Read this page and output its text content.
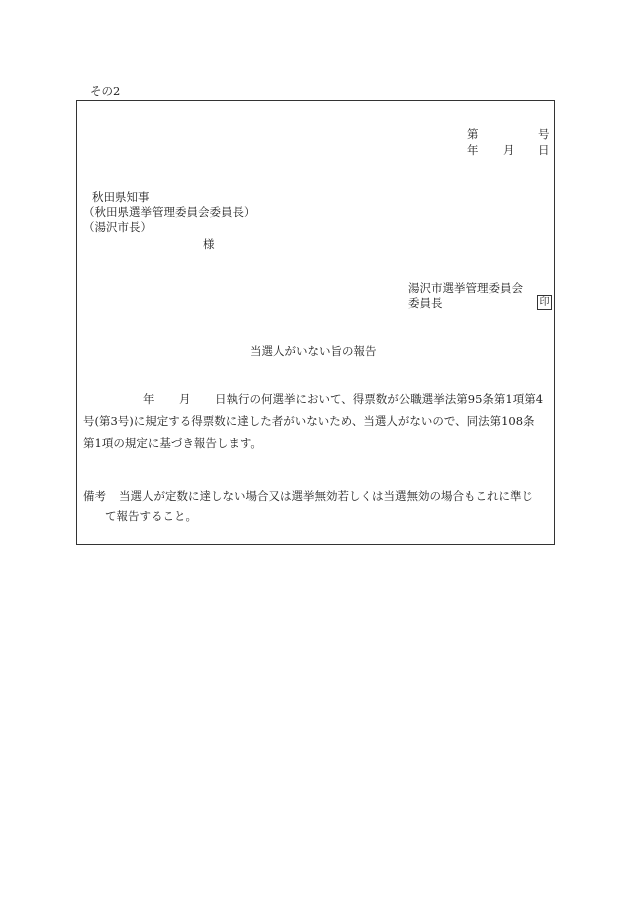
その2
第	号
年 月 日
秋田県知事
（秋田県選挙管理委員会委員長）
（湯沢市長）
様
湯沢市選挙管理委員会
委員長	印
当選人がいない旨の報告
年 月 日執行の何選挙において、得票数が公職選挙法第95条第1項第4
号(第3号)に規定する得票数に達した者がいないため、当選人がないので、同法第108条
第1項の規定に基づき報告します。
備考 当選人が定数に達しない場合又は選挙無効若しくは当選無効の場合もこれに準じ
て報告すること。
